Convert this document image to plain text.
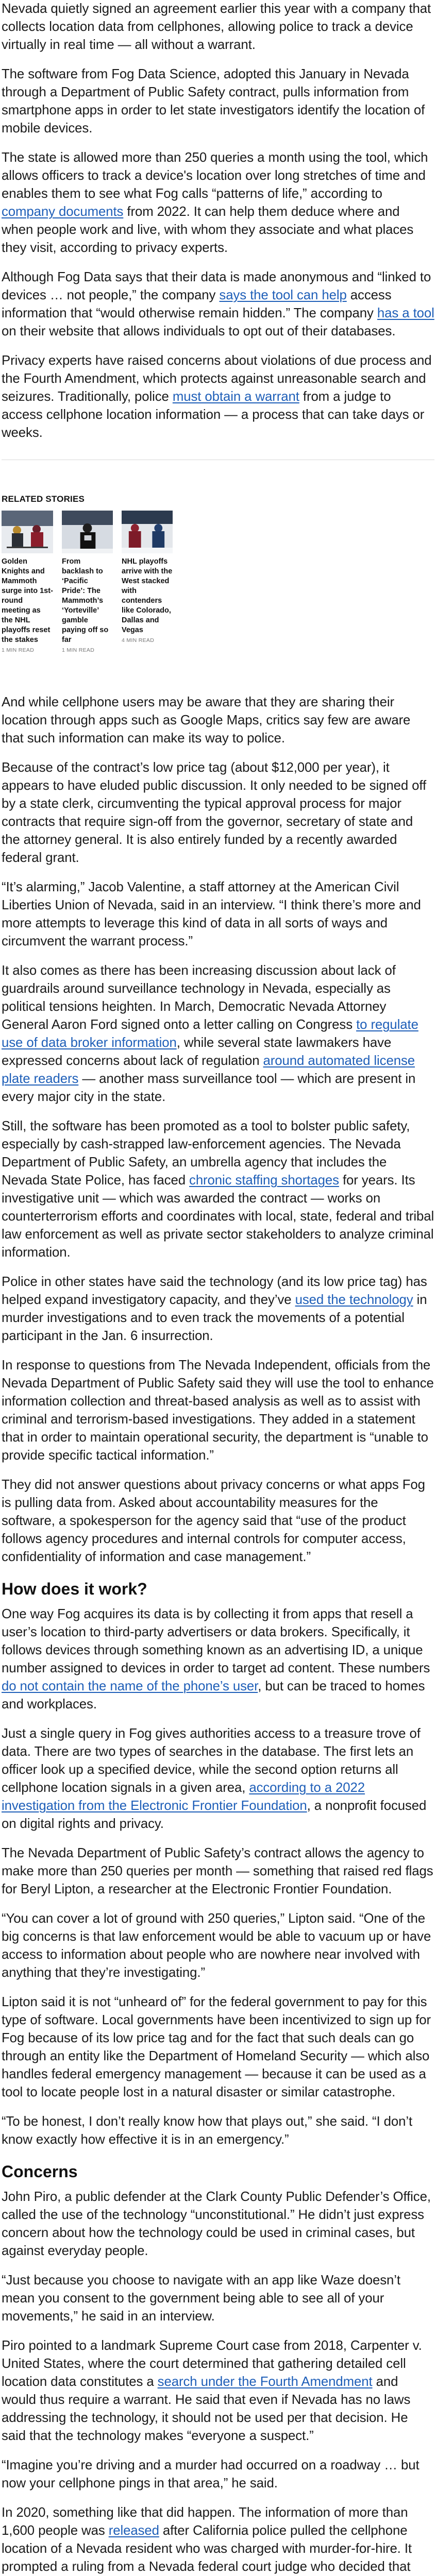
Nevada quietly signed an agreement earlier this year with a company that collects location data from cellphones, allowing police to track a device virtually in real time — all without a warrant.

The software from Fog Data Science, adopted this January in Nevada through a Department of Public Safety contract, pulls information from smartphone apps in order to let state investigators identify the location of mobile devices.

The state is allowed more than 250 queries a month using the tool, which allows officers to track a device's location over long stretches of time and enables them to see what Fog calls “patterns of life,” according to company documents from 2022. It can help them deduce where and when people work and live, with whom they associate and what places they visit, according to privacy experts.

Although Fog Data says that their data is made anonymous and “linked to devices … not people,” the company says the tool can help access information that “would otherwise remain hidden.” The company has a tool on their website that allows individuals to opt out of their databases.

Privacy experts have raised concerns about violations of due process and the Fourth Amendment, which protects against unreasonable search and seizures. Traditionally, police must obtain a warrant from a judge to access cellphone location information — a process that can take days or weeks.

RELATED STORIES
Golden Knights and Mammoth surge into 1st-round meeting as the NHL playoffs reset the stakes
1 MIN READ
From backlash to ‘Pacific Pride’: The Mammoth’s ‘Yorteville’ gamble paying off so far
1 MIN READ
NHL playoffs arrive with the West stacked with contenders like Colorado, Dallas and Vegas
4 MIN READ

And while cellphone users may be aware that they are sharing their location through apps such as Google Maps, critics say few are aware that such information can make its way to police.

Because of the contract’s low price tag (about $12,000 per year), it appears to have eluded public discussion. It only needed to be signed off by a state clerk, circumventing the typical approval process for major contracts that require sign-off from the governor, secretary of state and the attorney general. It is also entirely funded by a recently awarded federal grant.

“It’s alarming,” Jacob Valentine, a staff attorney at the American Civil Liberties Union of Nevada, said in an interview. “I think there’s more and more attempts to leverage this kind of data in all sorts of ways and circumvent the warrant process.”

It also comes as there has been increasing discussion about lack of guardrails around surveillance technology in Nevada, especially as political tensions heighten. In March, Democratic Nevada Attorney General Aaron Ford signed onto a letter calling on Congress to regulate use of data broker information, while several state lawmakers have expressed concerns about lack of regulation around automated license plate readers — another mass surveillance tool — which are present in every major city in the state.

Still, the software has been promoted as a tool to bolster public safety, especially by cash-strapped law-enforcement agencies. The Nevada Department of Public Safety, an umbrella agency that includes the Nevada State Police, has faced chronic staffing shortages for years. Its investigative unit — which was awarded the contract — works on counterterrorism efforts and coordinates with local, state, federal and tribal law enforcement as well as private sector stakeholders to analyze criminal information.

Police in other states have said the technology (and its low price tag) has helped expand investigatory capacity, and they’ve used the technology in murder investigations and to even track the movements of a potential participant in the Jan. 6 insurrection.

In response to questions from The Nevada Independent, officials from the Nevada Department of Public Safety said they will use the tool to enhance information collection and threat-based analysis as well as to assist with criminal and terrorism-based investigations. They added in a statement that in order to maintain operational security, the department is “unable to provide specific tactical information.”

They did not answer questions about privacy concerns or what apps Fog is pulling data from. Asked about accountability measures for the software, a spokesperson for the agency said that “use of the product follows agency procedures and internal controls for computer access, confidentiality of information and case management.”

How does it work?

One way Fog acquires its data is by collecting it from apps that resell a user’s location to third-party advertisers or data brokers. Specifically, it follows devices through something known as an advertising ID, a unique number assigned to devices in order to target ad content. These numbers do not contain the name of the phone’s user, but can be traced to homes and workplaces.

Just a single query in Fog gives authorities access to a treasure trove of data. There are two types of searches in the database. The first lets an officer look up a specified device, while the second option returns all cellphone location signals in a given area, according to a 2022 investigation from the Electronic Frontier Foundation, a nonprofit focused on digital rights and privacy.

The Nevada Department of Public Safety’s contract allows the agency to make more than 250 queries per month — something that raised red flags for Beryl Lipton, a researcher at the Electronic Frontier Foundation.

“You can cover a lot of ground with 250 queries,” Lipton said. “One of the big concerns is that law enforcement would be able to vacuum up or have access to information about people who are nowhere near involved with anything that they’re investigating.”

Lipton said it is not “unheard of” for the federal government to pay for this type of software. Local governments have been incentivized to sign up for Fog because of its low price tag and for the fact that such deals can go through an entity like the Department of Homeland Security — which also handles federal emergency management — because it can be used as a tool to locate people lost in a natural disaster or similar catastrophe.

“To be honest, I don’t really know how that plays out,” she said. “I don’t know exactly how effective it is in an emergency.”

Concerns

John Piro, a public defender at the Clark County Public Defender’s Office, called the use of the technology “unconstitutional.” He didn’t just express concern about how the technology could be used in criminal cases, but against everyday people.

“Just because you choose to navigate with an app like Waze doesn’t mean you consent to the government being able to see all of your movements,” he said in an interview.

Piro pointed to a landmark Supreme Court case from 2018, Carpenter v. United States, where the court determined that gathering detailed cell location data constitutes a search under the Fourth Amendment and would thus require a warrant. He said that even if Nevada has no laws addressing the technology, it should not be used per that decision. He said that the technology makes “everyone a suspect.”

“Imagine you’re driving and a murder had occurred on a roadway … but now your cellphone pings in that area,” he said.

In 2020, something like that did happen. The information of more than 1,600 people was released after California police pulled the cellphone location of a Nevada resident who was charged with murder-for-hire. It prompted a ruling from a Nevada federal court judge who decided that
